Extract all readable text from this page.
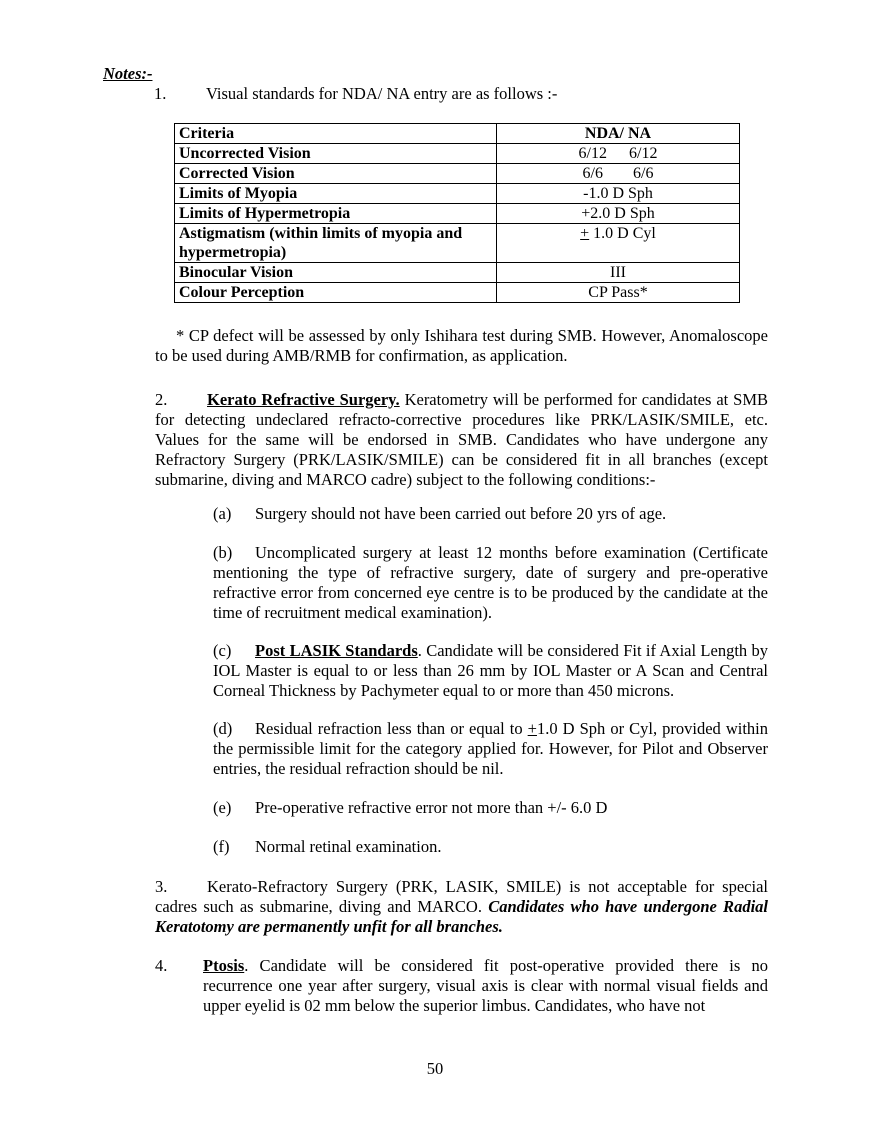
Notes:-
1. Visual standards for NDA/ NA entry are as follows :-
Criteria	NDA/ NA
Uncorrected Vision	6/12 6/12
Corrected Vision	6/6 6/6
Limits of Myopia	-1.0 D Sph
Limits of Hypermetropia	+2.0 D Sph
Astigmatism (within limits of myopia and
hypermetropia)	+ 1.0 D Cyl
Binocular Vision	III
Colour Perception	CP Pass*
* CP defect will be assessed by only Ishihara test during SMB. However, Anomaloscope to be used during AMB/RMB for confirmation, as application.
2. Kerato Refractive Surgery. Keratometry will be performed for candidates at SMB for detecting undeclared refracto-corrective procedures like PRK/LASIK/SMILE, etc. Values for the same will be endorsed in SMB. Candidates who have undergone any Refractory Surgery (PRK/LASIK/SMILE) can be considered fit in all branches (except submarine, diving and MARCO cadre) subject to the following conditions:-
(a) Surgery should not have been carried out before 20 yrs of age.
(b) Uncomplicated surgery at least 12 months before examination (Certificate mentioning the type of refractive surgery, date of surgery and pre-operative refractive error from concerned eye centre is to be produced by the candidate at the time of recruitment medical examination).
(c) Post LASIK Standards. Candidate will be considered Fit if Axial Length by IOL Master is equal to or less than 26 mm by IOL Master or A Scan and Central Corneal Thickness by Pachymeter equal to or more than 450 microns.
(d) Residual refraction less than or equal to +1.0 D Sph or Cyl, provided within the permissible limit for the category applied for. However, for Pilot and Observer entries, the residual refraction should be nil.
(e) Pre-operative refractive error not more than +/- 6.0 D
(f) Normal retinal examination.
3. Kerato-Refractory Surgery (PRK, LASIK, SMILE) is not acceptable for special cadres such as submarine, diving and MARCO. Candidates who have undergone Radial Keratotomy are permanently unfit for all branches.
4. Ptosis. Candidate will be considered fit post-operative provided there is no recurrence one year after surgery, visual axis is clear with normal visual fields and upper eyelid is 02 mm below the superior limbus. Candidates, who have not
50
